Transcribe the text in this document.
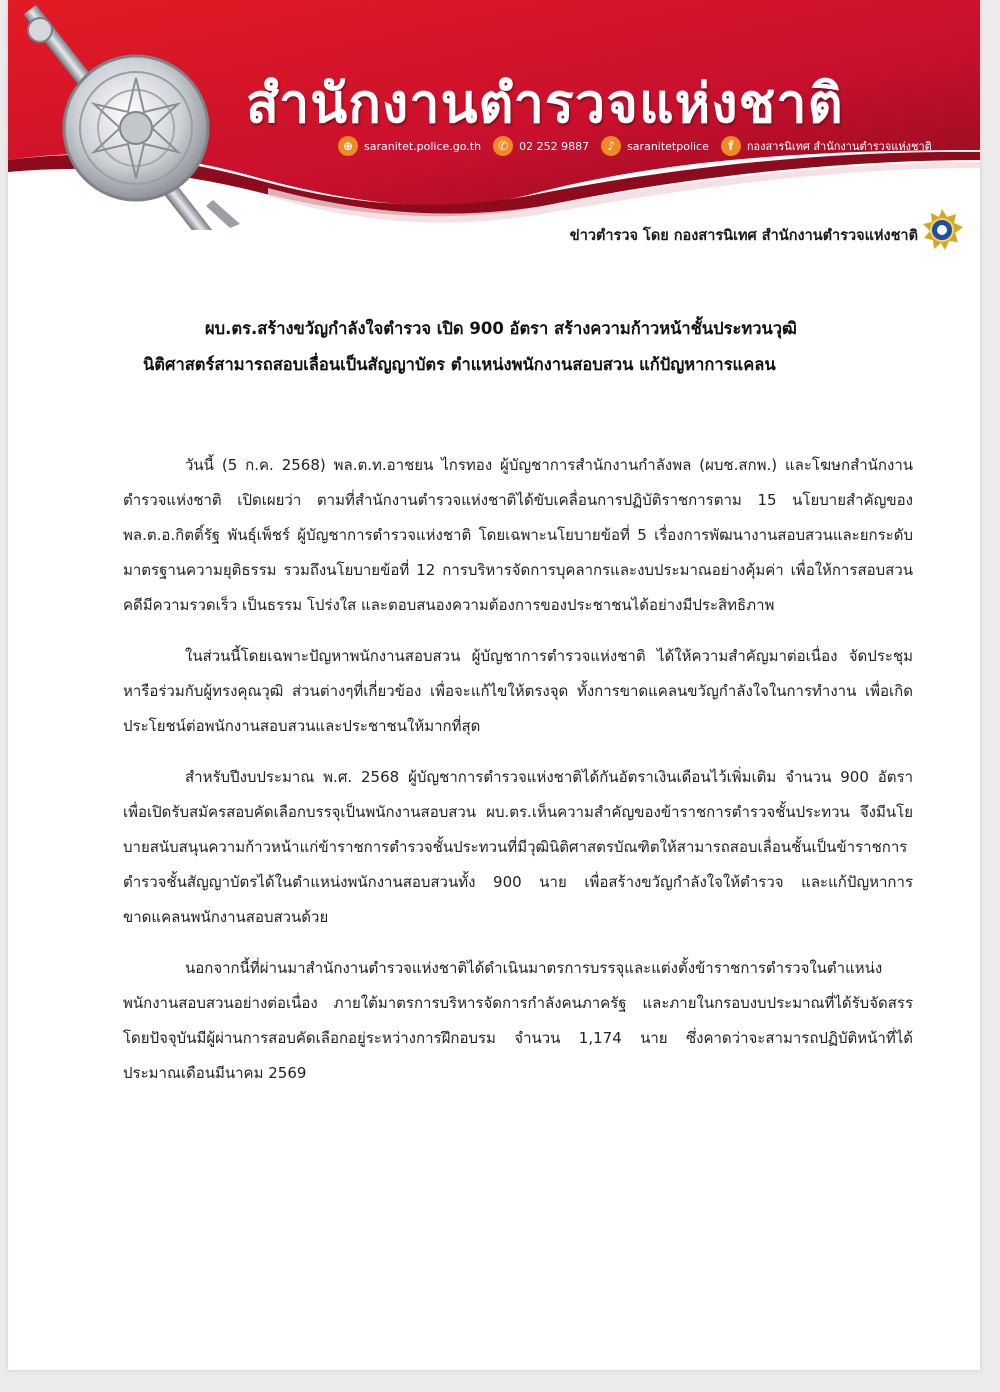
สำนักงานตำรวจแห่งชาติ
⊕ saranitet.police.go.th	✆ 02 252 9887	♪	saranitetpolice	f	กองสารนิเทศ สำนักงานตำรวจแห่งชาติ
ข่าวตำรวจ โดย กองสารนิเทศ สำนักงานตำรวจแห่งชาติ
ผบ.ตร.สร้างขวัญกำลังใจตำรวจ เปิด 900 อัตรา สร้างความก้าวหน้าชั้นประทวนวุฒิ
นิติศาสตร์สามารถสอบเลื่อนเป็นสัญญาบัตร ตำแหน่งพนักงานสอบสวน แก้ปัญหาการแคลน

วันนี้ (5 ก.ค. 2568) พล.ต.ท.อาชยน ไกรทอง ผู้บัญชาการสำนักงานกำลังพล (ผบช.สกพ.) และโฆษกสำนักงานตำรวจแห่งชาติ เปิดเผยว่า ตามที่สำนักงานตำรวจแห่งชาติได้ขับเคลื่อนการปฏิบัติราชการตาม 15 นโยบายสำคัญของ พล.ต.อ.กิตติ์รัฐ พันธุ์เพ็ชร์ ผู้บัญชาการตำรวจแห่งชาติ โดยเฉพาะนโยบายข้อที่ 5 เรื่องการพัฒนางานสอบสวนและยกระดับมาตรฐานความยุติธรรม รวมถึงนโยบายข้อที่ 12 การบริหารจัดการบุคลากรและงบประมาณอย่างคุ้มค่า เพื่อให้การสอบสวนคดีมีความรวดเร็ว เป็นธรรม โปร่งใส และตอบสนองความต้องการของประชาชนได้อย่างมีประสิทธิภาพ

ในส่วนนี้โดยเฉพาะปัญหาพนักงานสอบสวน ผู้บัญชาการตำรวจแห่งชาติ ได้ให้ความสำคัญมาต่อเนื่อง จัดประชุมหารือร่วมกับผู้ทรงคุณวุฒิ ส่วนต่างๆที่เกี่ยวข้อง เพื่อจะแก้ไขให้ตรงจุด ทั้งการขาดแคลนขวัญกำลังใจในการทำงาน เพื่อเกิดประโยชน์ต่อพนักงานสอบสวนและประชาชนให้มากที่สุด

สำหรับปีงบประมาณ พ.ศ. 2568 ผู้บัญชาการตำรวจแห่งชาติได้กันอัตราเงินเดือนไว้เพิ่มเติม จำนวน 900 อัตรา เพื่อเปิดรับสมัครสอบคัดเลือกบรรจุเป็นพนักงานสอบสวน ผบ.ตร.เห็นความสำคัญของข้าราชการตำรวจชั้นประทวน จึงมีนโยบายสนับสนุนความก้าวหน้าแก่ข้าราชการตำรวจชั้นประทวนที่มีวุฒินิติศาสตรบัณฑิตให้สามารถสอบเลื่อนชั้นเป็นข้าราชการตำรวจชั้นสัญญาบัตรได้ในตำแหน่งพนักงานสอบสวนทั้ง 900 นาย เพื่อสร้างขวัญกำลังใจให้ตำรวจ และแก้ปัญหาการขาดแคลนพนักงานสอบสวนด้วย

นอกจากนี้ที่ผ่านมาสำนักงานตำรวจแห่งชาติได้ดำเนินมาตรการบรรจุและแต่งตั้งข้าราชการตำรวจในตำแหน่งพนักงานสอบสวนอย่างต่อเนื่อง ภายใต้มาตรการบริหารจัดการกำลังคนภาครัฐ และภายในกรอบงบประมาณที่ได้รับจัดสรร โดยปัจจุบันมีผู้ผ่านการสอบคัดเลือกอยู่ระหว่างการฝึกอบรม จำนวน 1,174 นาย ซึ่งคาดว่าจะสามารถปฏิบัติหน้าที่ได้ประมาณเดือนมีนาคม 2569
